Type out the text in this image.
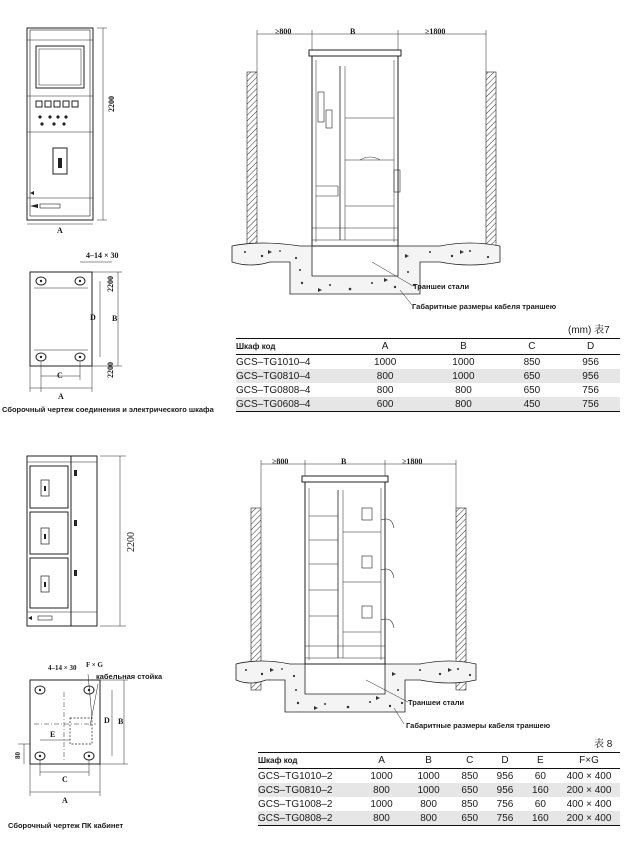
2200
A
4–14 × 30
D B
2200
2200
C
A
Сборочный чертеж соединения и электрического шкафа
≥800	B	≥1800
Траншеи стали
Габаритные размеры кабеля траншею
(mm) 表7
Шкаф код	A	B	C	D
GCS–TG1010–4	1000	1000	850	956
GCS–TG0810–4	800	1000	650	956
GCS–TG0808–4	800	800	650	756
GCS–TG0608–4	600	800	450	756
2200
4–14 × 30 F × G
кабельная стойка
E
D B
80
C
A
Сборочный чертеж ПК кабинет
≥800	B	≥1800
Траншеи стали
Габаритные размеры кабеля траншею
表 8
Шкаф код	A	B	C	D	E	F×G
GCS–TG1010–2	1000	1000	850	956	60	400 × 400
GCS–TG0810–2	800	1000	650	956	160	200 × 400
GCS–TG1008–2	1000	800	850	756	60	400 × 400
GCS–TG0808–2	800	800	650	756	160	200 × 400
